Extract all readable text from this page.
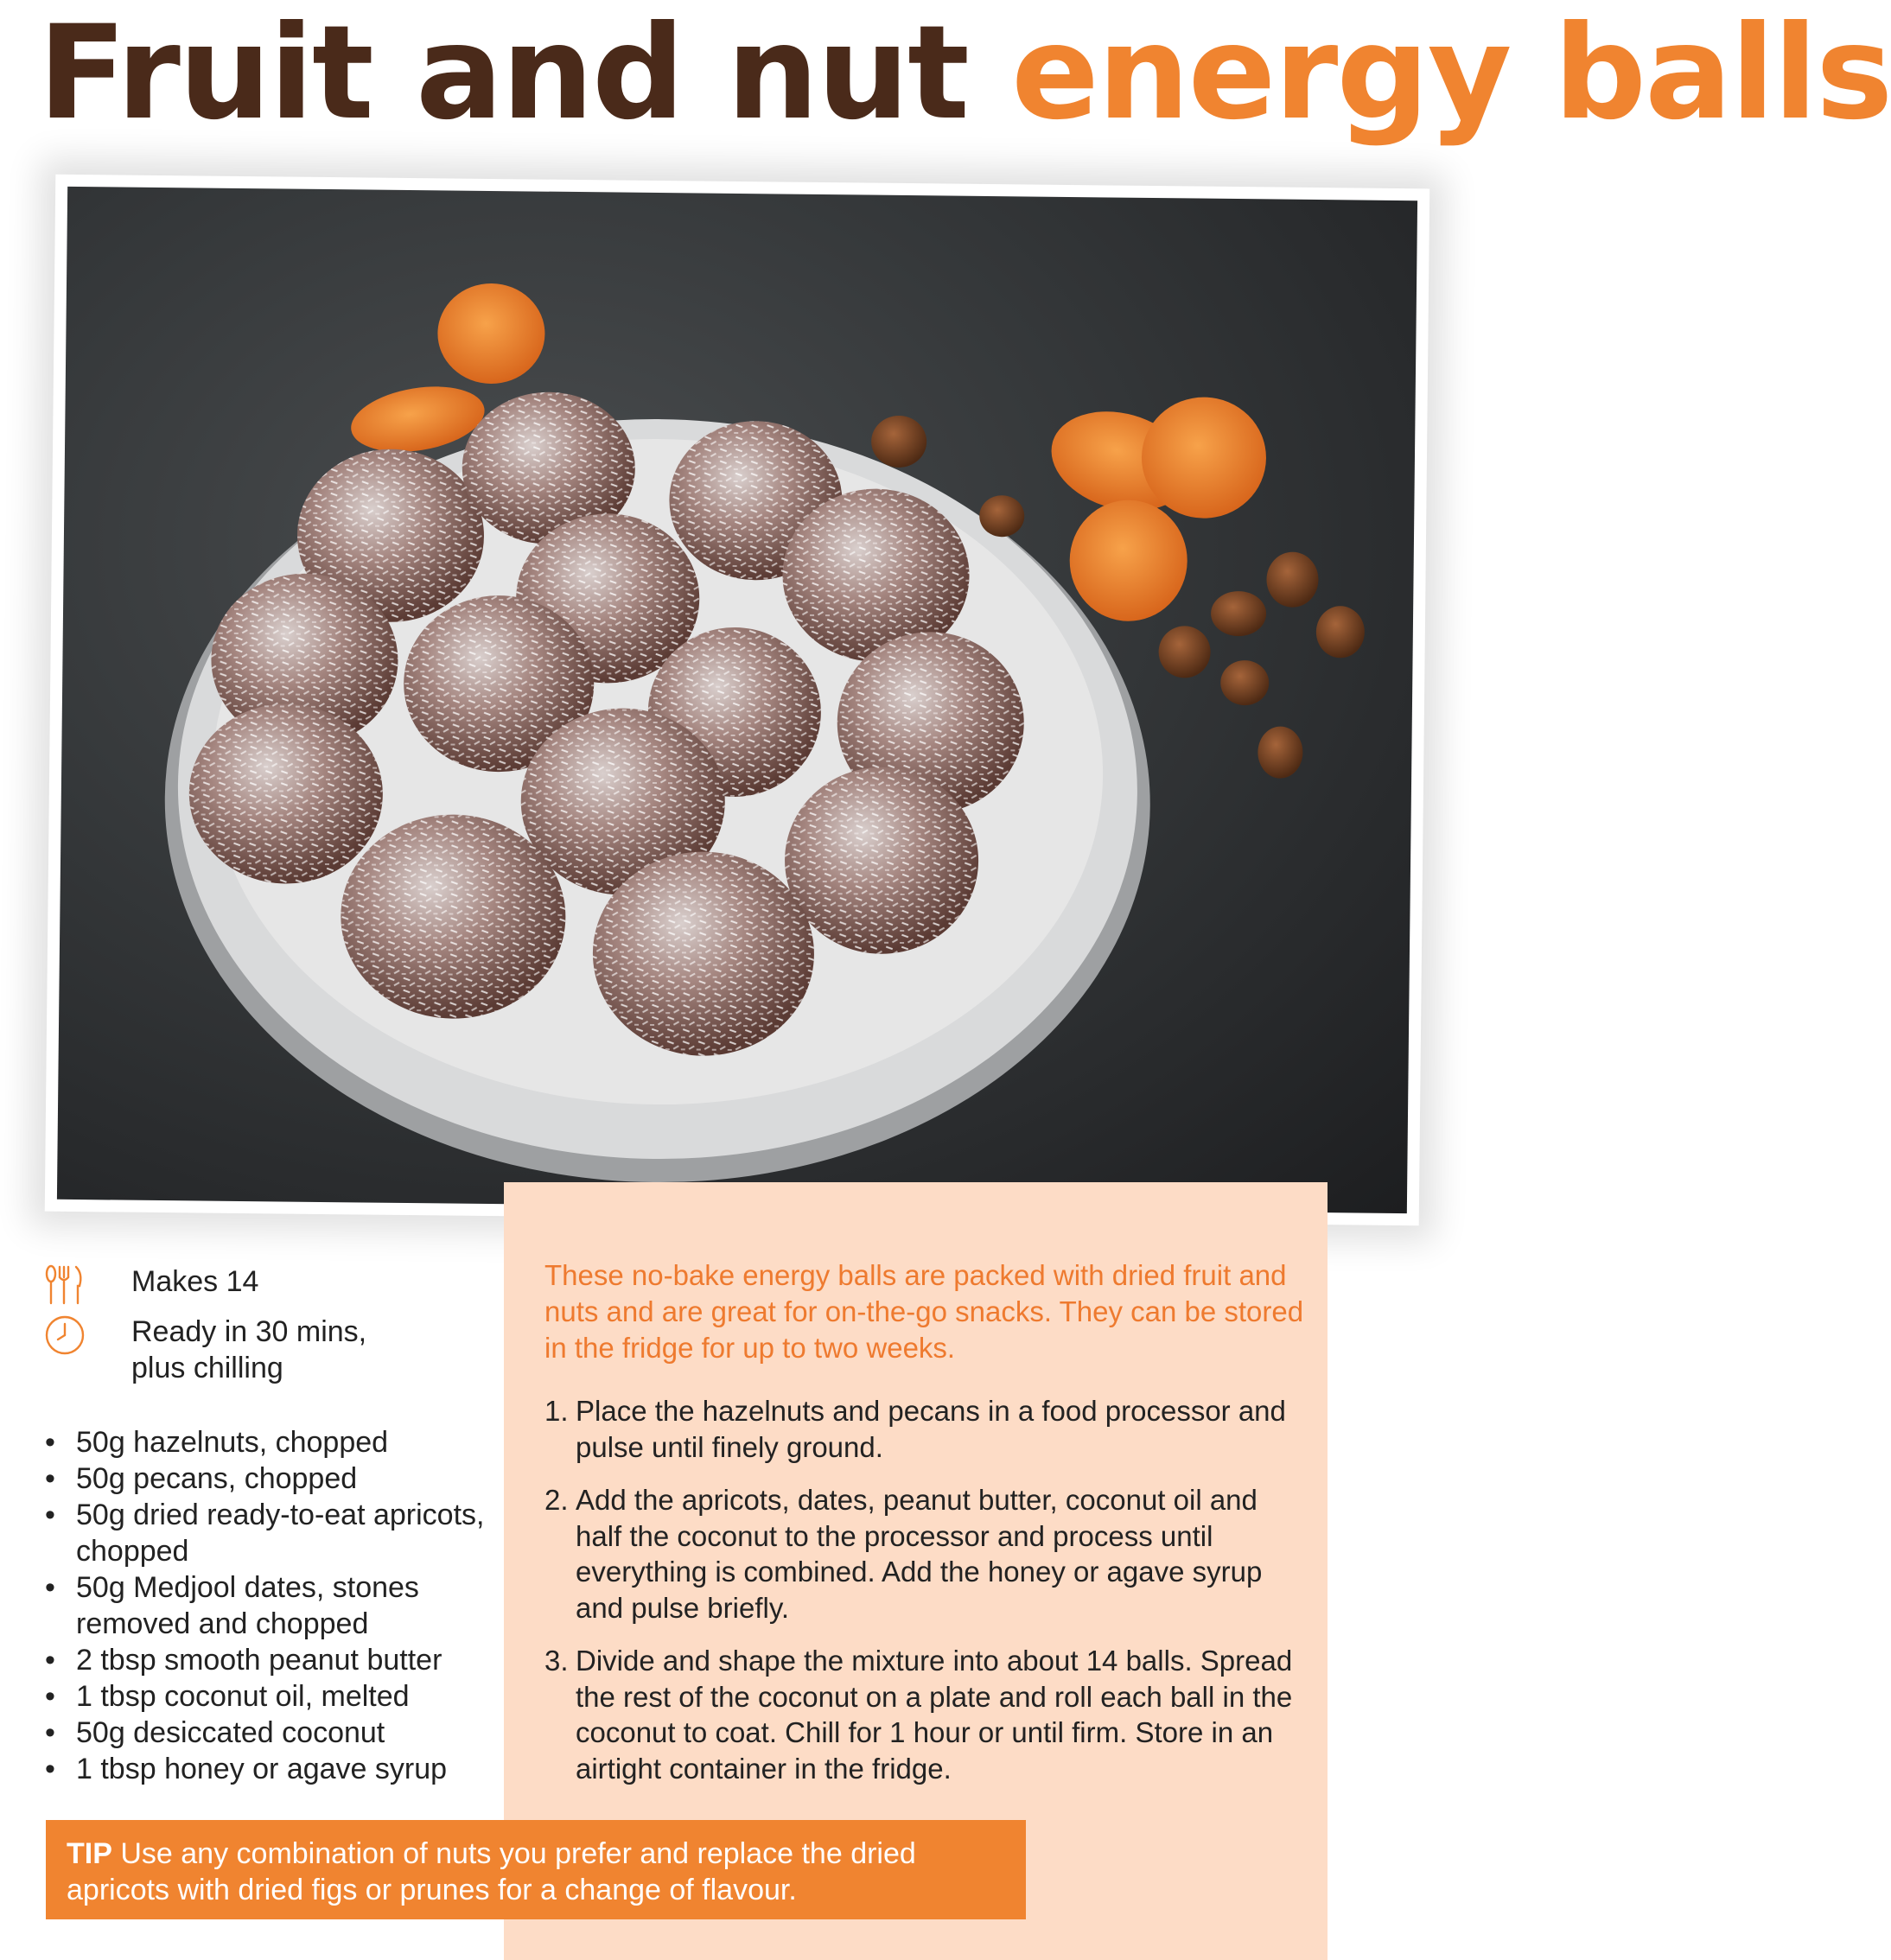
Fruit and nut energy balls
Makes 14
Ready in 30 mins,
plus chilling
• 50g hazelnuts, chopped
• 50g pecans, chopped
• 50g dried ready-to-eat apricots, chopped
• 50g Medjool dates, stones removed and chopped
• 2 tbsp smooth peanut butter
• 1 tbsp coconut oil, melted
• 50g desiccated coconut
• 1 tbsp honey or agave syrup

These no-bake energy balls are packed with dried fruit and nuts and are great for on-the-go snacks. They can be stored in the fridge for up to two weeks.

1. Place the hazelnuts and pecans in a food processor and pulse until finely ground.
2. Add the apricots, dates, peanut butter, coconut oil and half the coconut to the processor and process until everything is combined. Add the honey or agave syrup and pulse briefly.
3. Divide and shape the mixture into about 14 balls. Spread the rest of the coconut on a plate and roll each ball in the coconut to coat. Chill for 1 hour or until firm. Store in an airtight container in the fridge.
TIP Use any combination of nuts you prefer and replace the dried apricots with dried figs or prunes for a change of flavour.
